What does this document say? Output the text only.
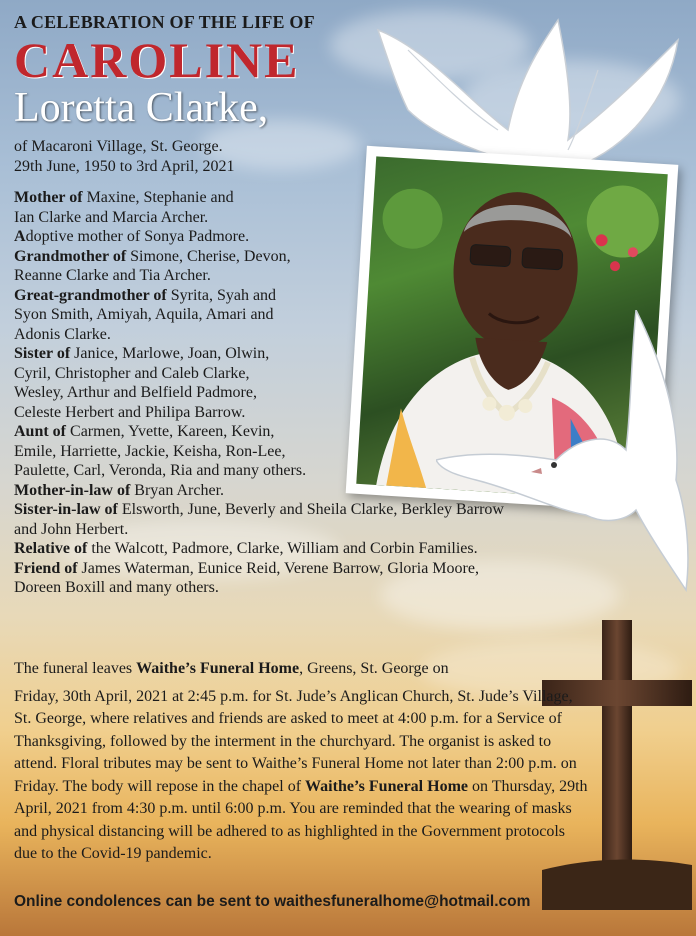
A CELEBRATION OF THE LIFE OF
CAROLINE
Loretta Clarke,
of Macaroni Village, St. George.
29th June, 1950 to 3rd April, 2021
Mother of Maxine, Stephanie and
Ian Clarke and Marcia Archer.
Adoptive mother of Sonya Padmore.
Grandmother of Simone, Cherise, Devon,
Reanne Clarke and Tia Archer.
Great-grandmother of Syrita, Syah and
Syon Smith, Amiyah, Aquila, Amari and
Adonis Clarke.
Sister of Janice, Marlowe, Joan, Olwin,
Cyril, Christopher and Caleb Clarke,
Wesley, Arthur and Belfield Padmore,
Celeste Herbert and Philipa Barrow.
Aunt of Carmen, Yvette, Kareen, Kevin,
Emile, Harriette, Jackie, Keisha, Ron-Lee,
Paulette, Carl, Veronda, Ria and many others.
Mother-in-law of Bryan Archer.
Sister-in-law of Elsworth, June, Beverly and Sheila Clarke, Berkley Barrow
and John Herbert.
Relative of the Walcott, Padmore, Clarke, William and Corbin Families.
Friend of James Waterman, Eunice Reid, Verene Barrow, Gloria Moore,
Doreen Boxill and many others.

The funeral leaves Waithe’s Funeral Home, Greens, St. George on

Friday, 30th April, 2021 at 2:45 p.m. for St. Jude’s Anglican Church, St. Jude’s Village, St. George, where relatives and friends are asked to meet at 4:00 p.m. for a Service of Thanksgiving, followed by the interment in the churchyard. The organist is asked to attend. Floral tributes may be sent to Waithe’s Funeral Home not later than 2:00 p.m. on Friday. The body will repose in the chapel of Waithe’s Funeral Home on Thursday, 29th April, 2021 from 4:30 p.m. until 6:00 p.m. You are reminded that the wearing of masks and physical distancing will be adhered to as highlighted in the Government protocols due to the Covid-19 pandemic.

Online condolences can be sent to waithesfuneralhome@hotmail.com
